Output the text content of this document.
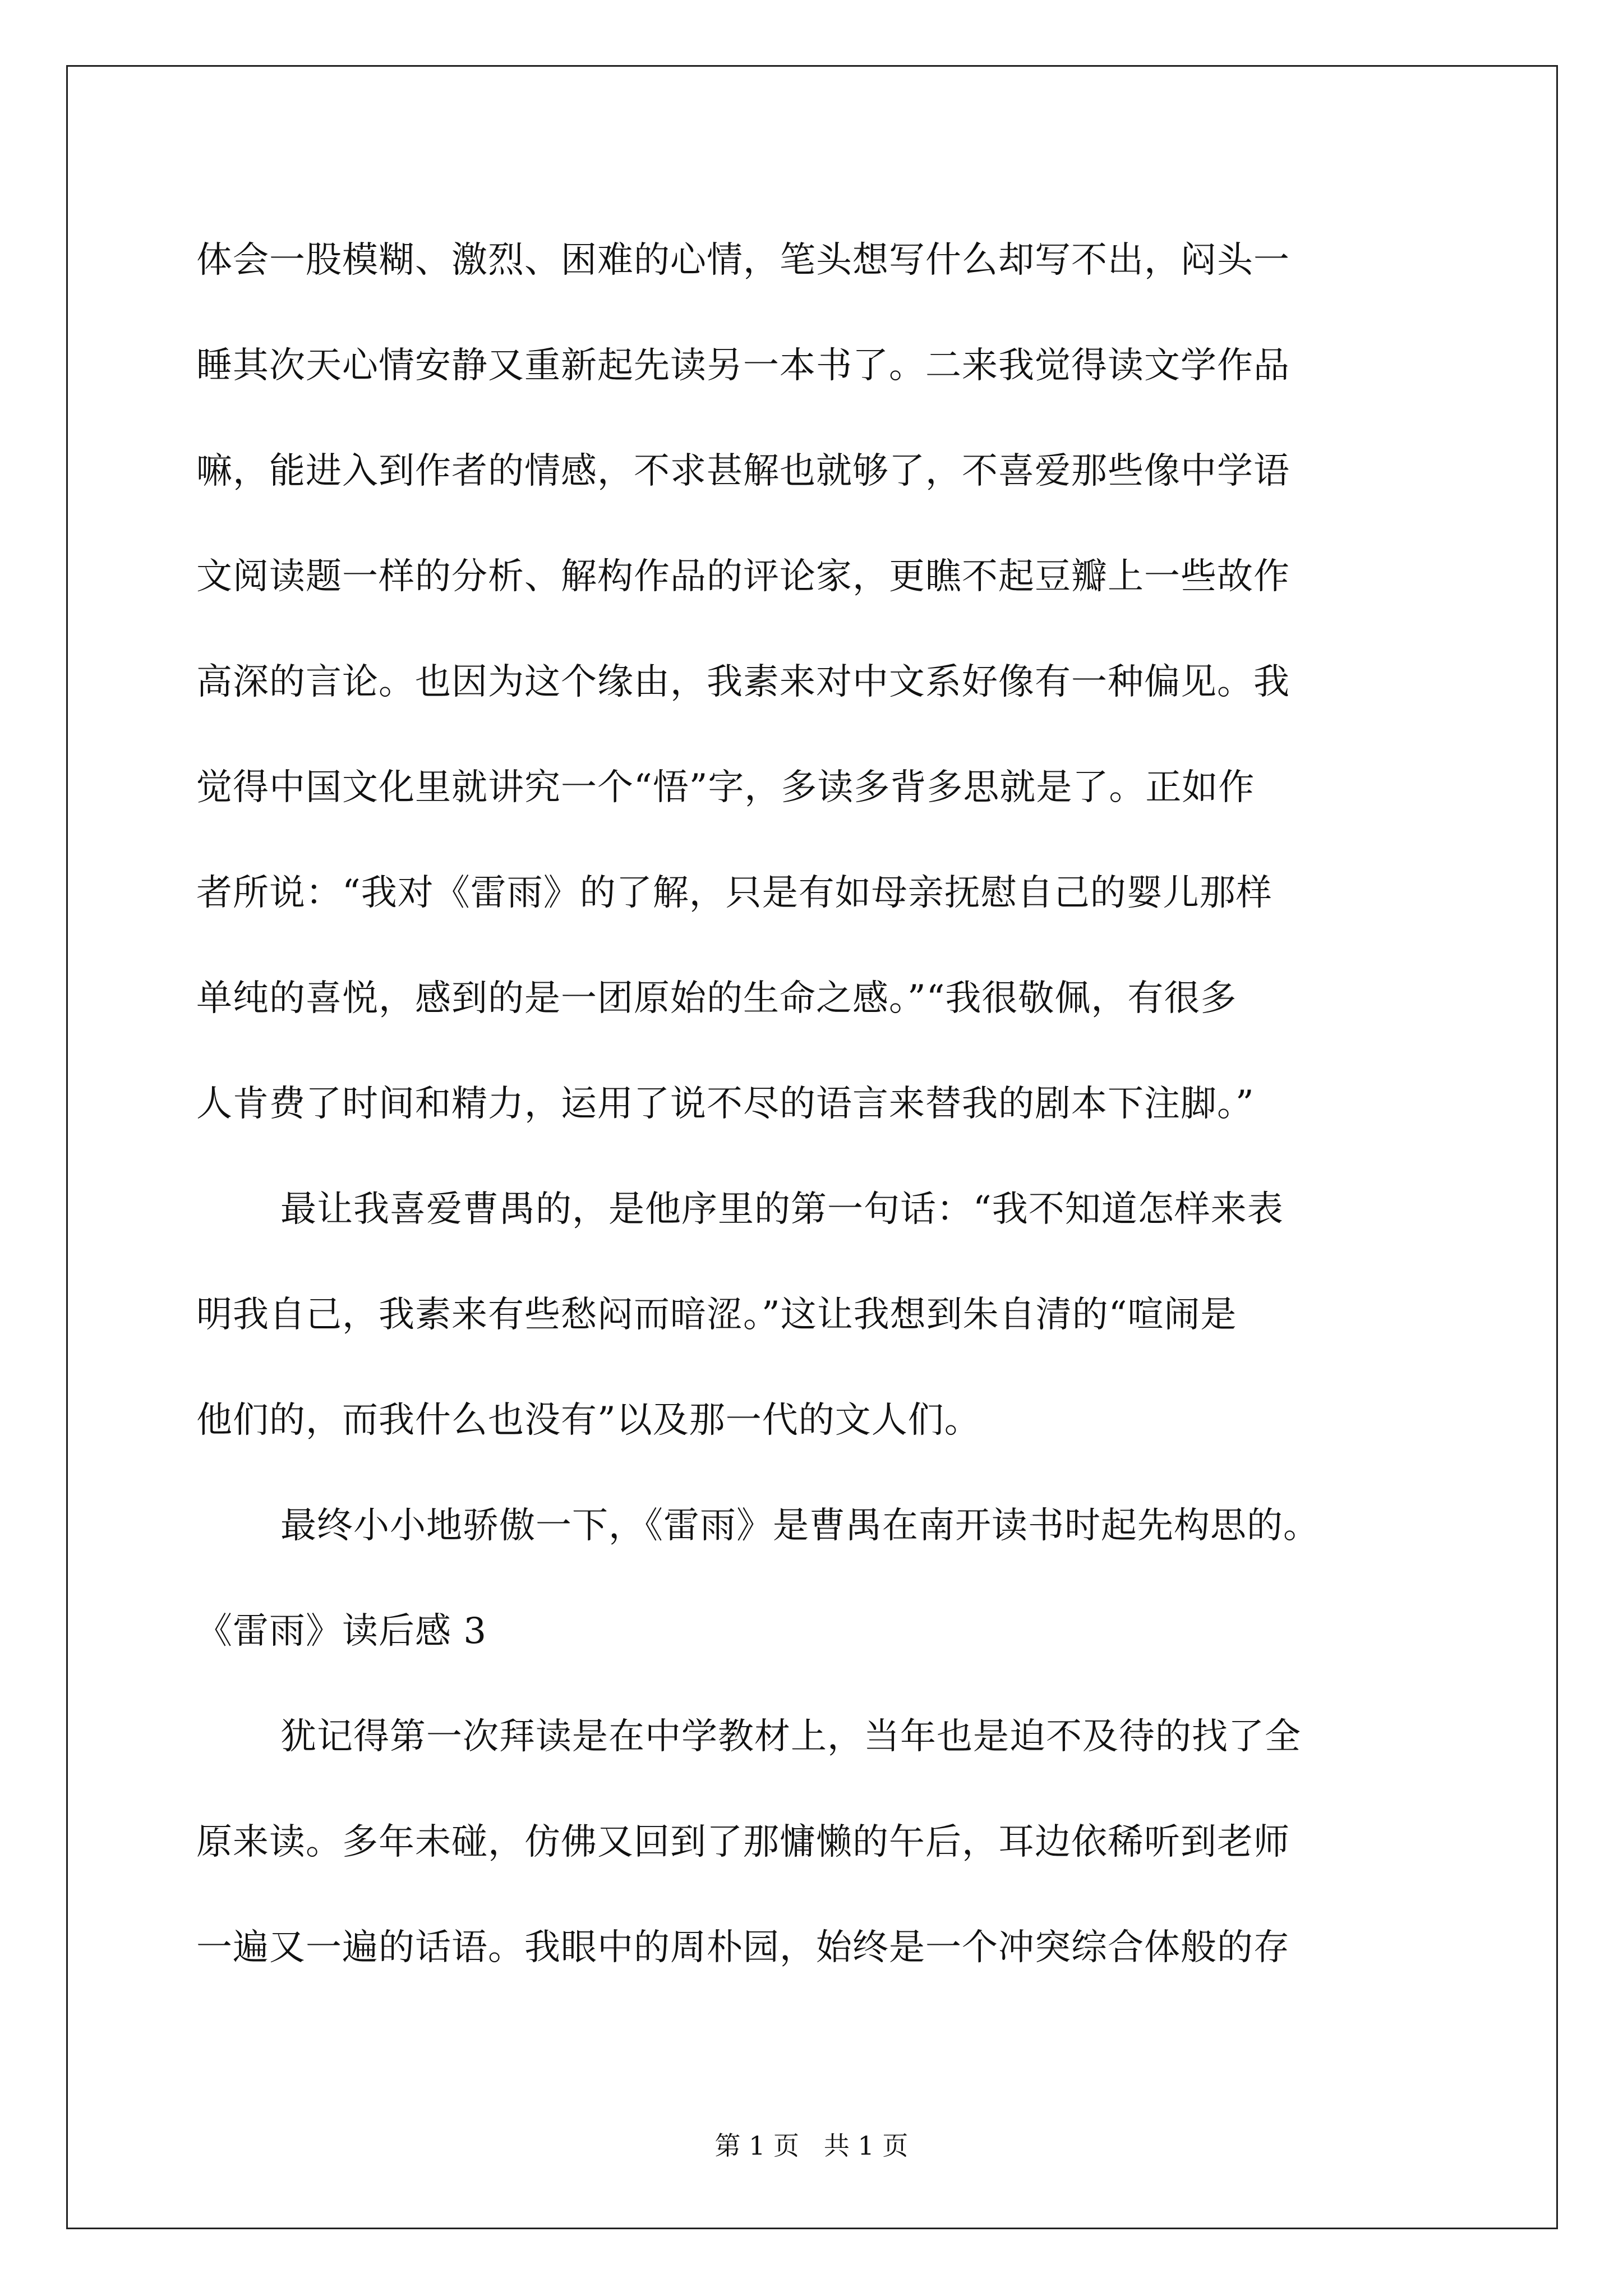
体会一股模糊、激烈、困难的心情，笔头想写什么却写不出，闷头一
睡其次天心情安静又重新起先读另一本书了。二来我觉得读文学作品
嘛，能进入到作者的情感，不求甚解也就够了，不喜爱那些像中学语
文阅读题一样的分析、解构作品的评论家，更瞧不起豆瓣上一些故作
高深的言论。也因为这个缘由，我素来对中文系好像有一种偏见。我
觉得中国文化里就讲究一个“悟”字，多读多背多思就是了。正如作
者所说：“我对《雷雨》的了解，只是有如母亲抚慰自己的婴儿那样
单纯的喜悦，感到的是一团原始的生命之感。”“我很敬佩，有很多
人肯费了时间和精力，运用了说不尽的语言来替我的剧本下注脚。”
最让我喜爱曹禺的，是他序里的第一句话：“我不知道怎样来表
明我自己，我素来有些愁闷而暗涩。”这让我想到朱自清的“喧闹是
他们的，而我什么也没有”以及那一代的文人们。
最终小小地骄傲一下，《雷雨》是曹禺在南开读书时起先构思的。
《雷雨》读后感 3
犹记得第一次拜读是在中学教材上，当年也是迫不及待的找了全
原来读。多年未碰，仿佛又回到了那慵懒的午后，耳边依稀听到老师
一遍又一遍的话语。我眼中的周朴园，始终是一个冲突综合体般的存
第 1 页   共 1 页
